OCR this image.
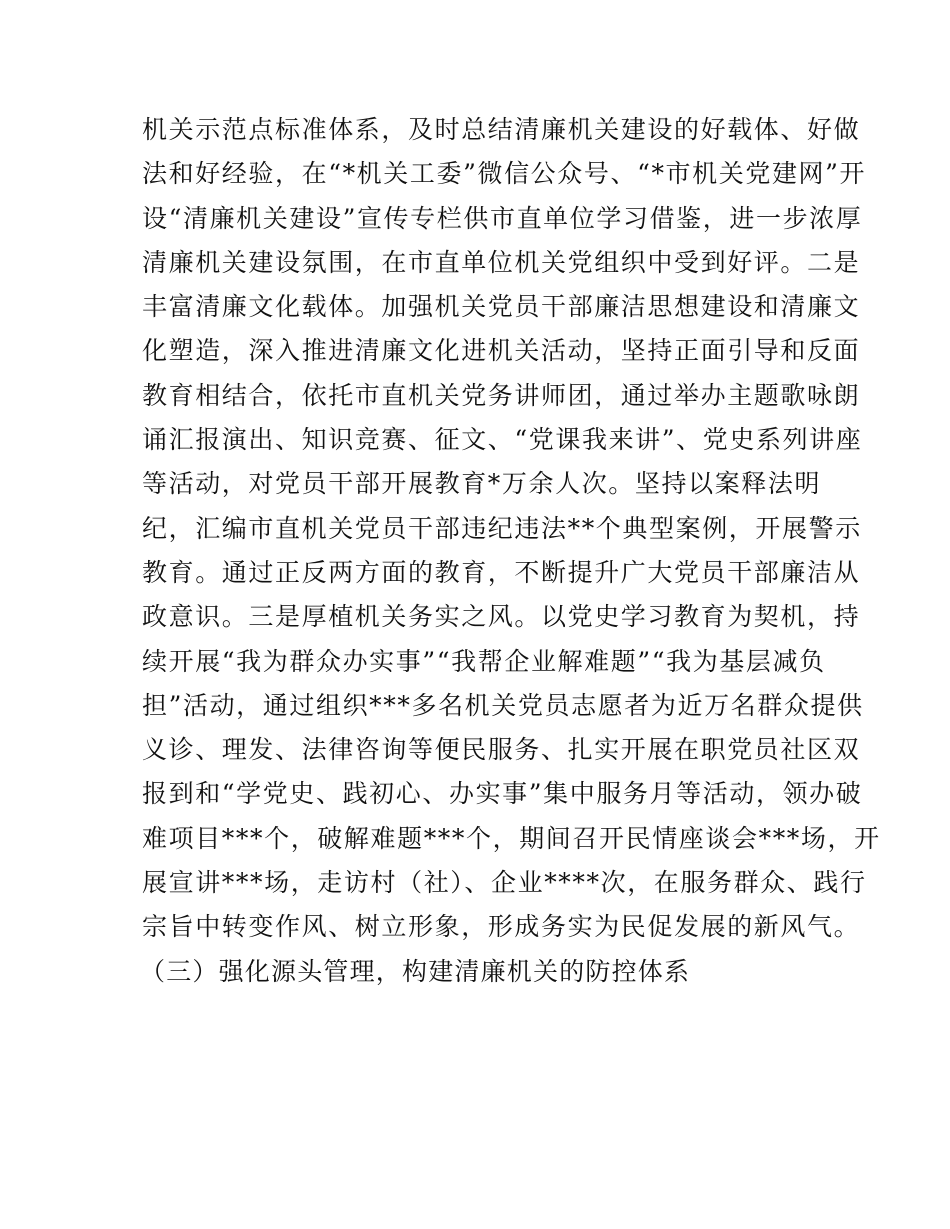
机关示范点标准体系，及时总结清廉机关建设的好载体、好做
法和好经验，在“*机关工委”微信公众号、“*市机关党建网”开
设“清廉机关建设”宣传专栏供市直单位学习借鉴，进一步浓厚
清廉机关建设氛围，在市直单位机关党组织中受到好评。二是
丰富清廉文化载体。加强机关党员干部廉洁思想建设和清廉文
化塑造，深入推进清廉文化进机关活动，坚持正面引导和反面
教育相结合，依托市直机关党务讲师团，通过举办主题歌咏朗
诵汇报演出、知识竞赛、征文、“党课我来讲”、党史系列讲座
等活动，对党员干部开展教育*万余人次。坚持以案释法明
纪，汇编市直机关党员干部违纪违法**个典型案例，开展警示
教育。通过正反两方面的教育，不断提升广大党员干部廉洁从
政意识。三是厚植机关务实之风。以党史学习教育为契机，持
续开展“我为群众办实事”“我帮企业解难题”“我为基层减负
担”活动，通过组织***多名机关党员志愿者为近万名群众提供
义诊、理发、法律咨询等便民服务、扎实开展在职党员社区双
报到和“学党史、践初心、办实事”集中服务月等活动，领办破
难项目***个，破解难题***个，期间召开民情座谈会***场，开
展宣讲***场，走访村（社）、企业****次，在服务群众、践行
宗旨中转变作风、树立形象，形成务实为民促发展的新风气。
（三）强化源头管理，构建清廉机关的防控体系
